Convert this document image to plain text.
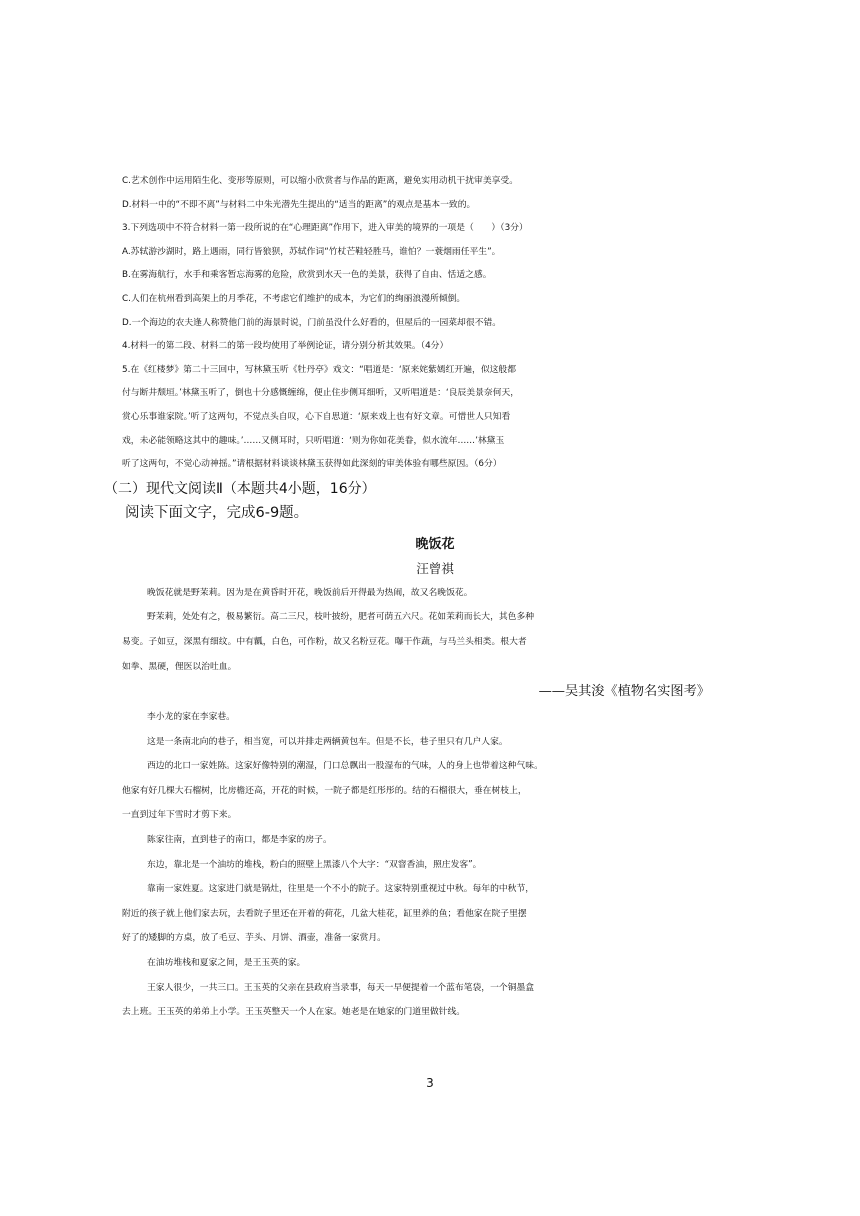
C.艺术创作中运用陌生化、变形等原则，可以缩小欣赏者与作品的距离，避免实用动机干扰审美享受。

D.材料一中的“不即不离”与材料二中朱光潜先生提出的“适当的距离”的观点是基本一致的。

3.下列选项中不符合材料一第一段所说的在“心理距离”作用下，进入审美的境界的一项是（　　）（3分）

A.苏轼游沙湖时，路上遇雨，同行皆狼狈，苏轼作词“竹杖芒鞋轻胜马，谁怕？一蓑烟雨任平生”。

B.在雾海航行，水手和乘客暂忘海雾的危险，欣赏到水天一色的美景，获得了自由、恬适之感。

C.人们在杭州看到高架上的月季花，不考虑它们维护的成本，为它们的绚丽浪漫所倾倒。

D.一个海边的农夫逢人称赞他门前的海景时说，门前虽没什么好看的，但屋后的一园菜却很不错。

4.材料一的第二段、材料二的第一段均使用了举例论证，请分别分析其效果。（4分）

5.在《红楼梦》第二十三回中，写林黛玉听《牡丹亭》戏文：“唱道是：‘原来姹紫嫣红开遍，似这般都

付与断井颓垣。’林黛玉听了，倒也十分感慨缠绵，便止住步侧耳细听，又听唱道是：‘良辰美景奈何天，

赏心乐事谁家院。’听了这两句，不觉点头自叹，心下自思道：‘原来戏上也有好文章。可惜世人只知看

戏，未必能领略这其中的趣味。’……又侧耳时，只听唱道：‘则为你如花美眷，似水流年……’林黛玉

听了这两句，不觉心动神摇。”请根据材料谈谈林黛玉获得如此深刻的审美体验有哪些原因。（6分）

（二）现代文阅读Ⅱ（本题共4小题，16分）

阅读下面文字，完成6-9题。

晚饭花

汪曾祺

晚饭花就是野茉莉。因为是在黄昏时开花，晚饭前后开得最为热闹，故又名晚饭花。

野茉莉，处处有之，极易繁衍。高二三尺，枝叶披纷，肥者可荫五六尺。花如茉莉而长大，其色多种

易变。子如豆，深黑有细纹。中有瓤，白色，可作粉，故又名粉豆花。曝干作蔬，与马兰头相类。根大者

如拳、黑硬，俚医以治吐血。

——吴其浚《植物名实图考》

李小龙的家在李家巷。

这是一条南北向的巷子，相当宽，可以并排走两辆黄包车。但是不长，巷子里只有几户人家。

西边的北口一家姓陈。这家好像特别的潮湿，门口总飘出一股湿布的气味，人的身上也带着这种气味。

他家有好几棵大石榴树，比房檐还高，开花的时候，一院子都是红彤彤的。结的石榴很大，垂在树枝上，

一直到过年下雪时才剪下来。

陈家往南，直到巷子的南口，都是李家的房子。

东边，靠北是一个油坊的堆栈，粉白的照壁上黑漆八个大字：“双窨香油，照庄发客”。

靠南一家姓夏。这家进门就是锅灶，往里是一个不小的院子。这家特别重视过中秋。每年的中秋节，

附近的孩子就上他们家去玩，去看院子里还在开着的荷花，几盆大桂花，缸里养的鱼；看他家在院子里摆

好了的矮脚的方桌，放了毛豆、芋头、月饼、酒壶，准备一家赏月。

在油坊堆栈和夏家之间，是王玉英的家。

王家人很少，一共三口。王玉英的父亲在县政府当录事，每天一早便提着一个蓝布笔袋，一个铜墨盒

去上班。王玉英的弟弟上小学。王玉英整天一个人在家。她老是在她家的门道里做针线。

3
